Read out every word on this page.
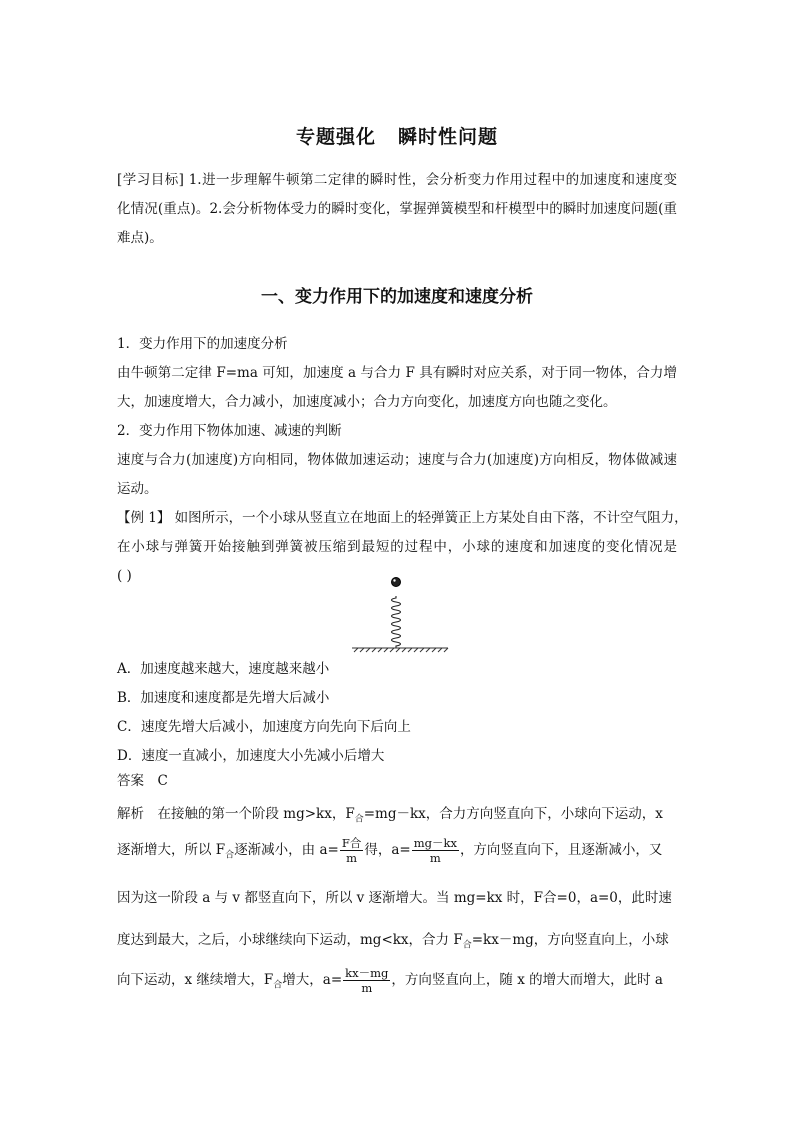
专题强化 瞬时性问题
[学习目标] 1.进一步理解牛顿第二定律的瞬时性，会分析变力作用过程中的加速度和速度变
化情况(重点)。2.会分析物体受力的瞬时变化，掌握弹簧模型和杆模型中的瞬时加速度问题(重
难点)。
一、变力作用下的加速度和速度分析
1．变力作用下的加速度分析
由牛顿第二定律 F=ma 可知，加速度 a 与合力 F 具有瞬时对应关系，对于同一物体，合力增
大，加速度增大，合力减小，加速度减小；合力方向变化，加速度方向也随之变化。
2．变力作用下物体加速、减速的判断
速度与合力(加速度)方向相同，物体做加速运动；速度与合力(加速度)方向相反，物体做减速
运动。
【例 1】 如图所示，一个小球从竖直立在地面上的轻弹簧正上方某处自由下落，不计空气阻力，
在小球与弹簧开始接触到弹簧被压缩到最短的过程中，小球的速度和加速度的变化情况是
( )
A．加速度越来越大，速度越来越小
B．加速度和速度都是先增大后减小
C．速度先增大后减小，加速度方向先向下后向上
D．速度一直减小，加速度大小先减小后增大
答案　C
解析　在接触的第一个阶段 mg>kx，$F_合=mg-kx$，合力方向竖直向下，小球向下运动，x
逐渐增大，所以 $F_合$逐渐减小，由 $a= \frac{\text{F合}}{m}$ 得，$a= \frac{mg-kx}{m}$ ，方向竖直向下，且逐渐减小，又
因为这一阶段 a 与 v 都竖直向下，所以 v 逐渐增大。当 mg=kx 时，F合=0，a=0，此时速
度达到最大，之后，小球继续向下运动，mg<kx，合力 $F_合=kx-mg$，方向竖直向上，小球
向下运动，x 继续增大，$F_合$增大，$a= \frac{kx-mg}{m}$ ，方向竖直向上，随 x 的增大而增大，此时 a
